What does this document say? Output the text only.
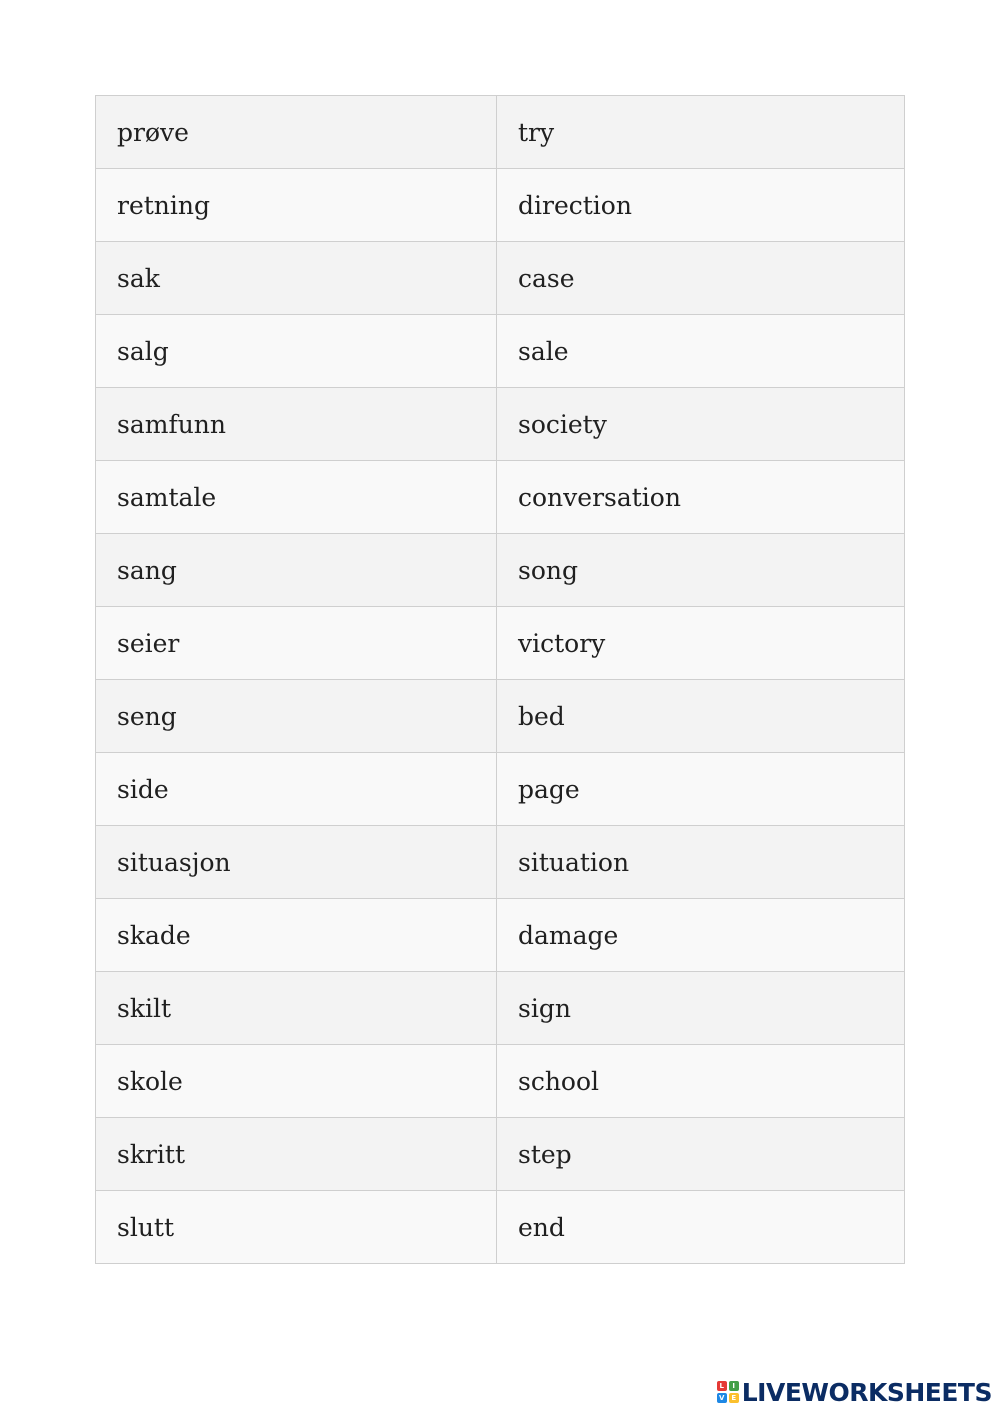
prøve	try
retning	direction
sak	case
salg	sale
samfunn	society
samtale	conversation
sang	song
seier	victory
seng	bed
side	page
situasjon	situation
skade	damage
skilt	sign
skole	school
skritt	step
slutt	end
L	I
V E LIVEWORKSHEETS
